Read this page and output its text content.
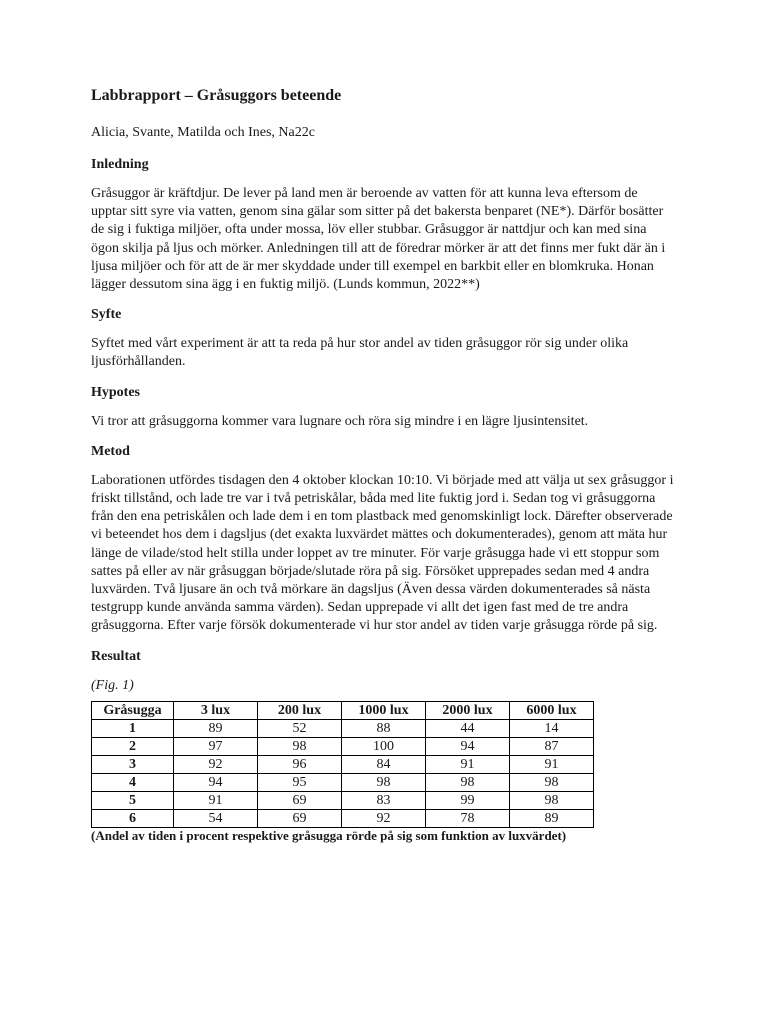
Labbrapport – Gråsuggors beteende

Alicia, Svante, Matilda och Ines, Na22c

Inledning

Gråsuggor är kräftdjur. De lever på land men är beroende av vatten för att kunna leva eftersom de upptar sitt syre via vatten, genom sina gälar som sitter på det bakersta benparet (NE*). Därför bosätter de sig i fuktiga miljöer, ofta under mossa, löv eller stubbar. Gråsuggor är nattdjur och kan med sina ögon skilja på ljus och mörker. Anledningen till att de föredrar mörker är att det finns mer fukt där än i ljusa miljöer och för att de är mer skyddade under till exempel en barkbit eller en blomkruka. Honan lägger dessutom sina ägg i en fuktig miljö. (Lunds kommun, 2022**)

Syfte

Syftet med vårt experiment är att ta reda på hur stor andel av tiden gråsuggor rör sig under olika ljusförhållanden.

Hypotes

Vi tror att gråsuggorna kommer vara lugnare och röra sig mindre i en lägre ljusintensitet.

Metod

Laborationen utfördes tisdagen den 4 oktober klockan 10:10. Vi började med att välja ut sex gråsuggor i friskt tillstånd, och lade tre var i två petriskålar, båda med lite fuktig jord i. Sedan tog vi gråsuggorna från den ena petriskålen och lade dem i en tom plastback med genomskinligt lock. Därefter observerade vi beteendet hos dem i dagsljus (det exakta luxvärdet mättes och dokumenterades), genom att mäta hur länge de vilade/stod helt stilla under loppet av tre minuter. För varje gråsugga hade vi ett stoppur som sattes på eller av när gråsuggan började/slutade röra på sig. Försöket upprepades sedan med 4 andra luxvärden. Två ljusare än och två mörkare än dagsljus (Även dessa värden dokumenterades så nästa testgrupp kunde använda samma värden). Sedan upprepade vi allt det igen fast med de tre andra gråsuggorna. Efter varje försök dokumenterade vi hur stor andel av tiden varje gråsugga rörde på sig.

Resultat

(Fig. 1)

Gråsugga	3 lux	200 lux	1000 lux	2000 lux	6000 lux
1	89	52	88	44	14
2	97	98	100	94	87
3	92	96	84	91	91
4	94	95	98	98	98
5	91	69	83	99	98
6	54	69	92	78	89

(Andel av tiden i procent respektive gråsugga rörde på sig som funktion av luxvärdet)
